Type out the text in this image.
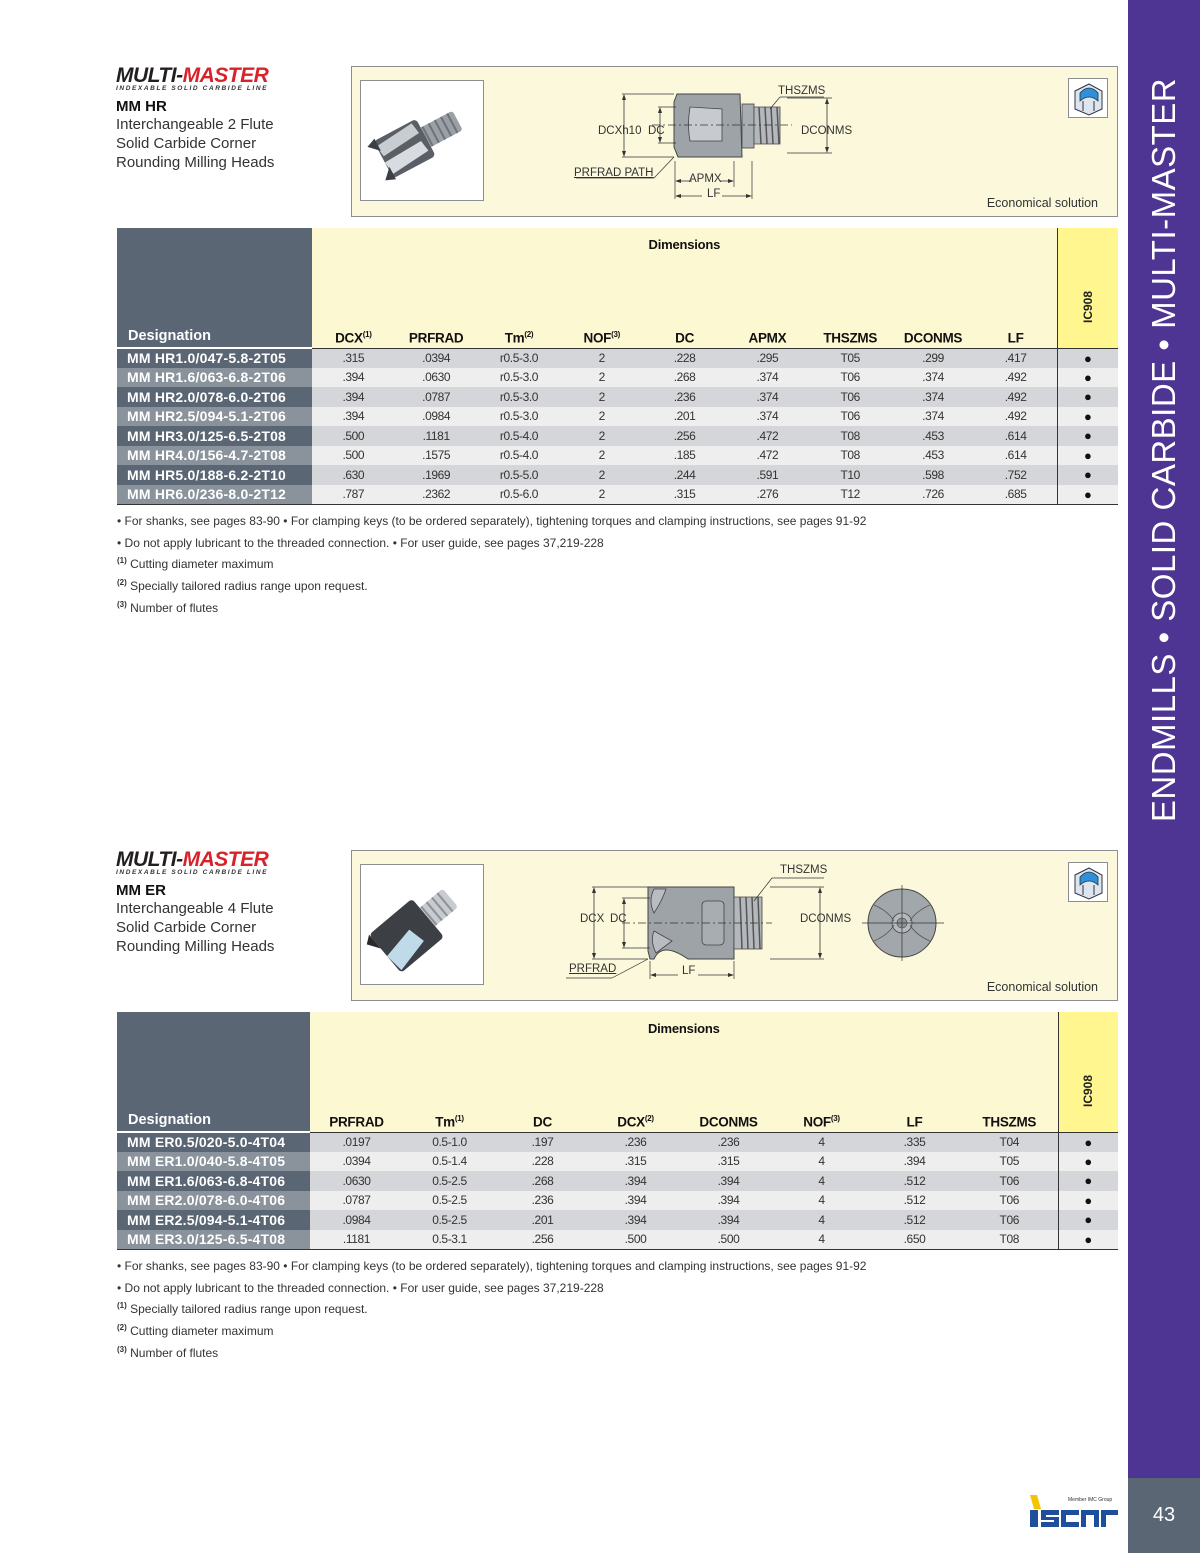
ENDMILLS • SOLID CARBIDE • MULTI-MASTER
43
Member IMC Group
MULTI-MASTER
INDEXABLE SOLID CARBIDE LINE
MM HR
Interchangeable 2 Flute
Solid Carbide Corner
Rounding Milling Heads
THSZMS
DCXh10 DC	DCONMS
PRFRAD PATH	APMX
LF
Economical solution
Designation	Dimensions									IC908
	DCX$^{(1)}$	PRFRAD	Tm$^{(2)}$	NOF$^{(3)}$	DC	APMX	THSZMS	DCONMS	LF	
MM HR1.0/047-5.8-2T05	.315	.0394	r0.5-3.0	2	.228	.295	T05	.299	.417	●
MM HR1.6/063-6.8-2T06	.394	.0630	r0.5-3.0	2	.268	.374	T06	.374	.492	●
MM HR2.0/078-6.0-2T06	.394	.0787	r0.5-3.0	2	.236	.374	T06	.374	.492	●
MM HR2.5/094-5.1-2T06	.394	.0984	r0.5-3.0	2	.201	.374	T06	.374	.492	●
MM HR3.0/125-6.5-2T08	.500	.1181	r0.5-4.0	2	.256	.472	T08	.453	.614	●
MM HR4.0/156-4.7-2T08	.500	.1575	r0.5-4.0	2	.185	.472	T08	.453	.614	●
MM HR5.0/188-6.2-2T10	.630	.1969	r0.5-5.0	2	.244	.591	T10	.598	.752	●
MM HR6.0/236-8.0-2T12	.787	.2362	r0.5-6.0	2	.315	.276	T12	.726	.685	●
• For shanks, see pages 83-90 • For clamping keys (to be ordered separately), tightening torques and clamping instructions, see pages 91-92
• Do not apply lubricant to the threaded connection. • For user guide, see pages 37,219-228
$^{(1)}$ Cutting diameter maximum
$^{(2)}$ Specially tailored radius range upon request.
$^{(3)}$ Number of flutes
MULTI-MASTER
INDEXABLE SOLID CARBIDE LINE
MM ER
Interchangeable 4 Flute
Solid Carbide Corner
Rounding Milling Heads
THSZMS
DCX DC	DCONMS
PRFRAD	LF
Economical solution
Designation	Dimensions								IC908
	PRFRAD	Tm$^{(1)}$	DC	DCX$^{(2)}$	DCONMS	NOF$^{(3)}$	LF	THSZMS	
MM ER0.5/020-5.0-4T04	.0197	0.5-1.0	.197	.236	.236	4	.335	T04	●
MM ER1.0/040-5.8-4T05	.0394	0.5-1.4	.228	.315	.315	4	.394	T05	●
MM ER1.6/063-6.8-4T06	.0630	0.5-2.5	.268	.394	.394	4	.512	T06	●
MM ER2.0/078-6.0-4T06	.0787	0.5-2.5	.236	.394	.394	4	.512	T06	●
MM ER2.5/094-5.1-4T06	.0984	0.5-2.5	.201	.394	.394	4	.512	T06	●
MM ER3.0/125-6.5-4T08	.1181	0.5-3.1	.256	.500	.500	4	.650	T08	●
• For shanks, see pages 83-90 • For clamping keys (to be ordered separately), tightening torques and clamping instructions, see pages 91-92
• Do not apply lubricant to the threaded connection. • For user guide, see pages 37,219-228
$^{(1)}$ Specially tailored radius range upon request.
$^{(2)}$ Cutting diameter maximum
$^{(3)}$ Number of flutes
